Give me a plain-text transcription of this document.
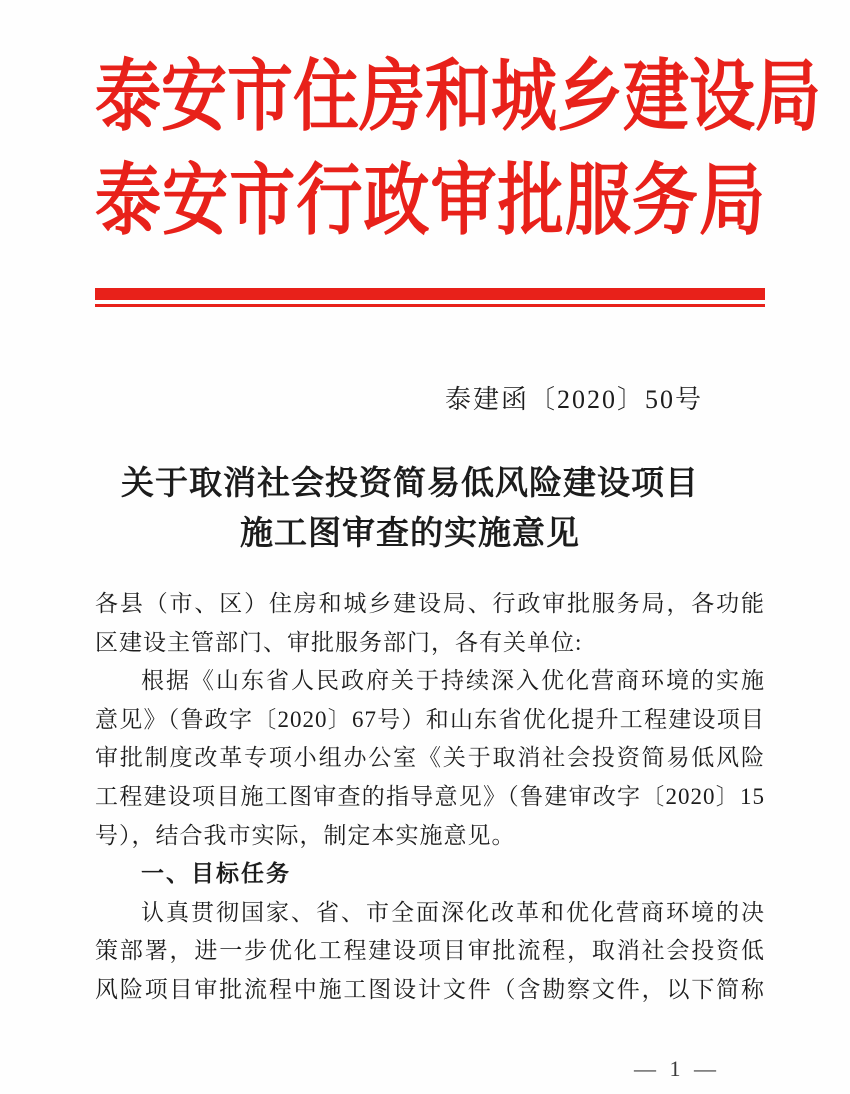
泰 安 市 住 房 和 城 乡 建 设 局
泰 安 市 行 政 审 批 服 务 局
泰建函〔2020〕50号
关于取消社会投资简易低风险建设项目
施工图审查的实施意见
各县（市、区）住房和城乡建设局、行政审批服务局，各功能
区建设主管部门、审批服务部门，各有关单位:
根据《山东省人民政府关于持续深入优化营商环境的实施
意见》（鲁政字〔2020〕67号）和山东省优化提升工程建设项目
审批制度改革专项小组办公室《关于取消社会投资简易低风险
工程建设项目施工图审查的指导意见》（鲁建审改字〔2020〕15
号），结合我市实际，制定本实施意见。
一、目标任务
认真贯彻国家、省、市全面深化改革和优化营商环境的决
策部署，进一步优化工程建设项目审批流程，取消社会投资低
风险项目审批流程中施工图设计文件（含勘察文件，以下简称
— 1 —
